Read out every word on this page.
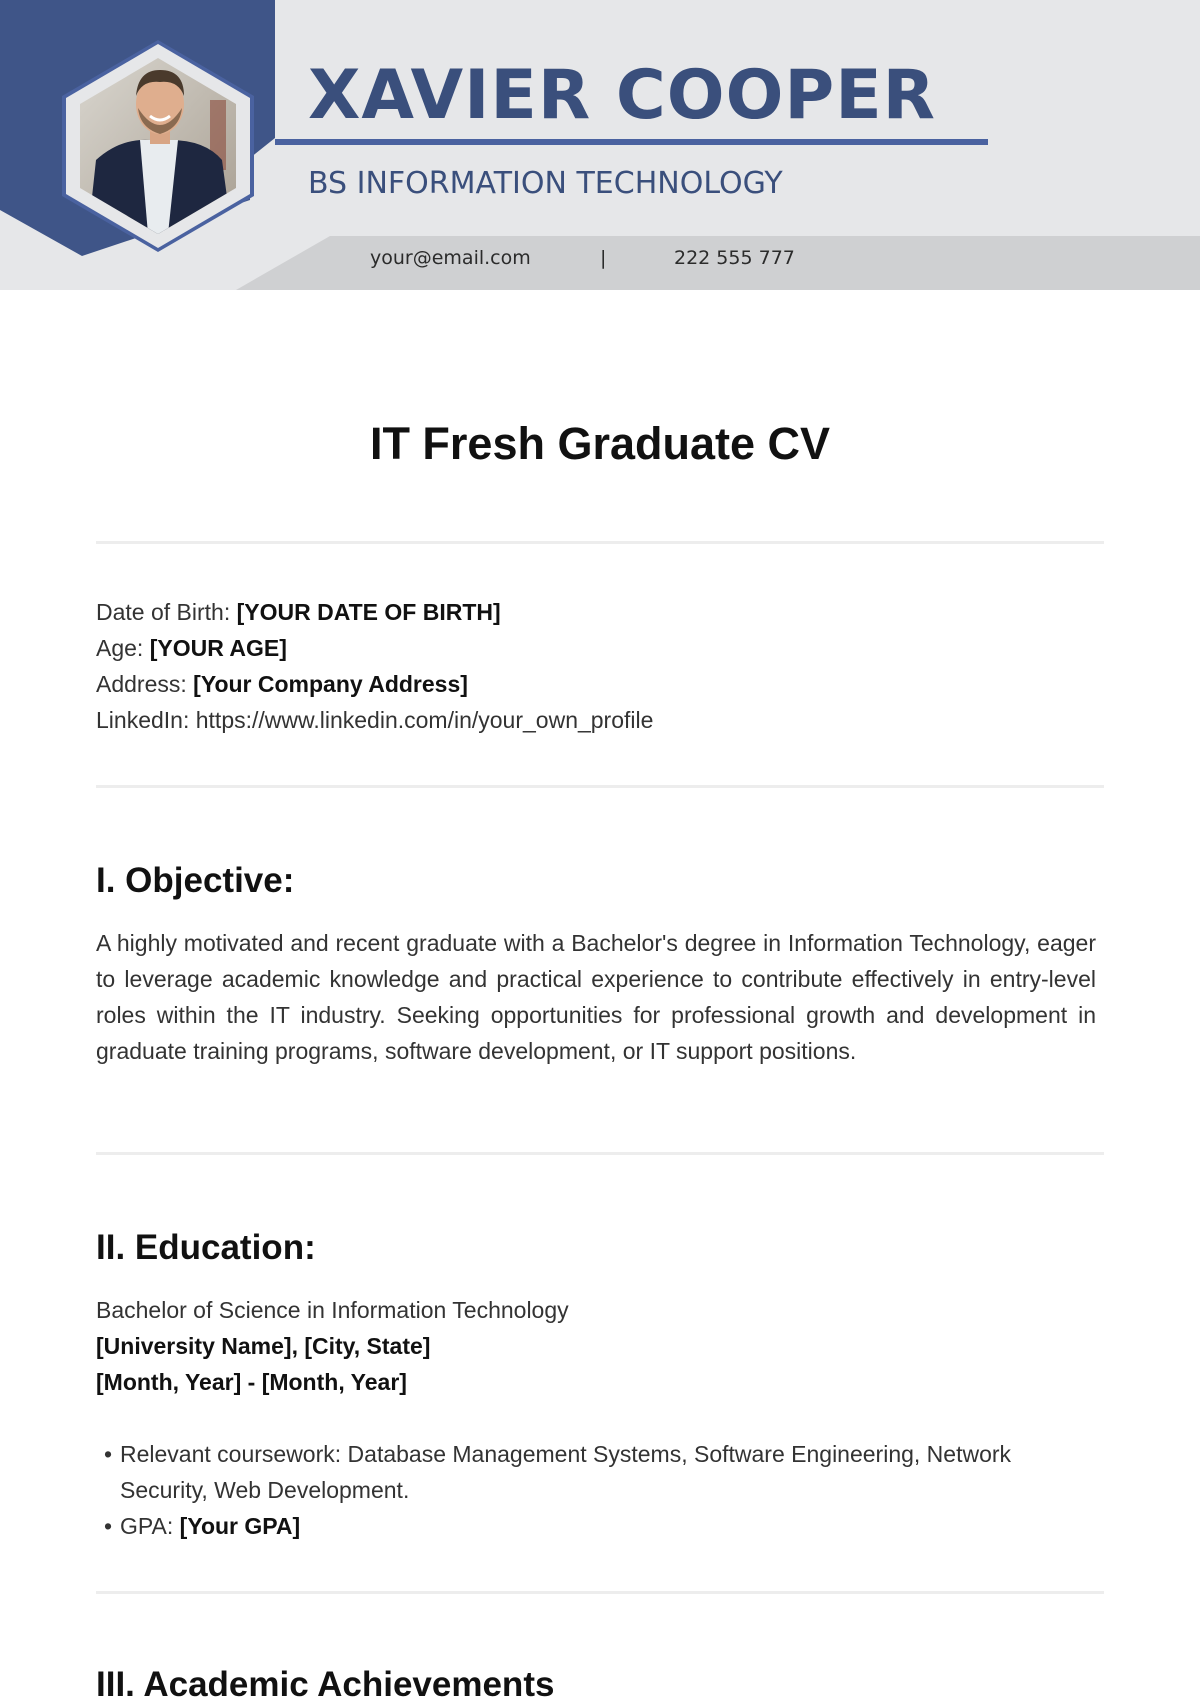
XAVIER COOPER
BS INFORMATION TECHNOLOGY
your@email.com	|	222 555 777
IT Fresh Graduate CV

Date of Birth: [YOUR DATE OF BIRTH]

Age: [YOUR AGE]

Address: [Your Company Address]

LinkedIn: https://www.linkedin.com/in/your_own_profile

I. Objective:

A highly motivated and recent graduate with a Bachelor's degree in Information Technology, eager to leverage academic knowledge and practical experience to contribute effectively in entry-level roles within the IT industry. Seeking opportunities for professional growth and development in graduate training programs, software development, or IT support positions.

II. Education:

Bachelor of Science in Information Technology

[University Name], [City, State]

[Month, Year] - [Month, Year]

• Relevant coursework: Database Management Systems, Software Engineering, Network Security, Web Development.
• GPA: [Your GPA]
III. Academic Achievements
